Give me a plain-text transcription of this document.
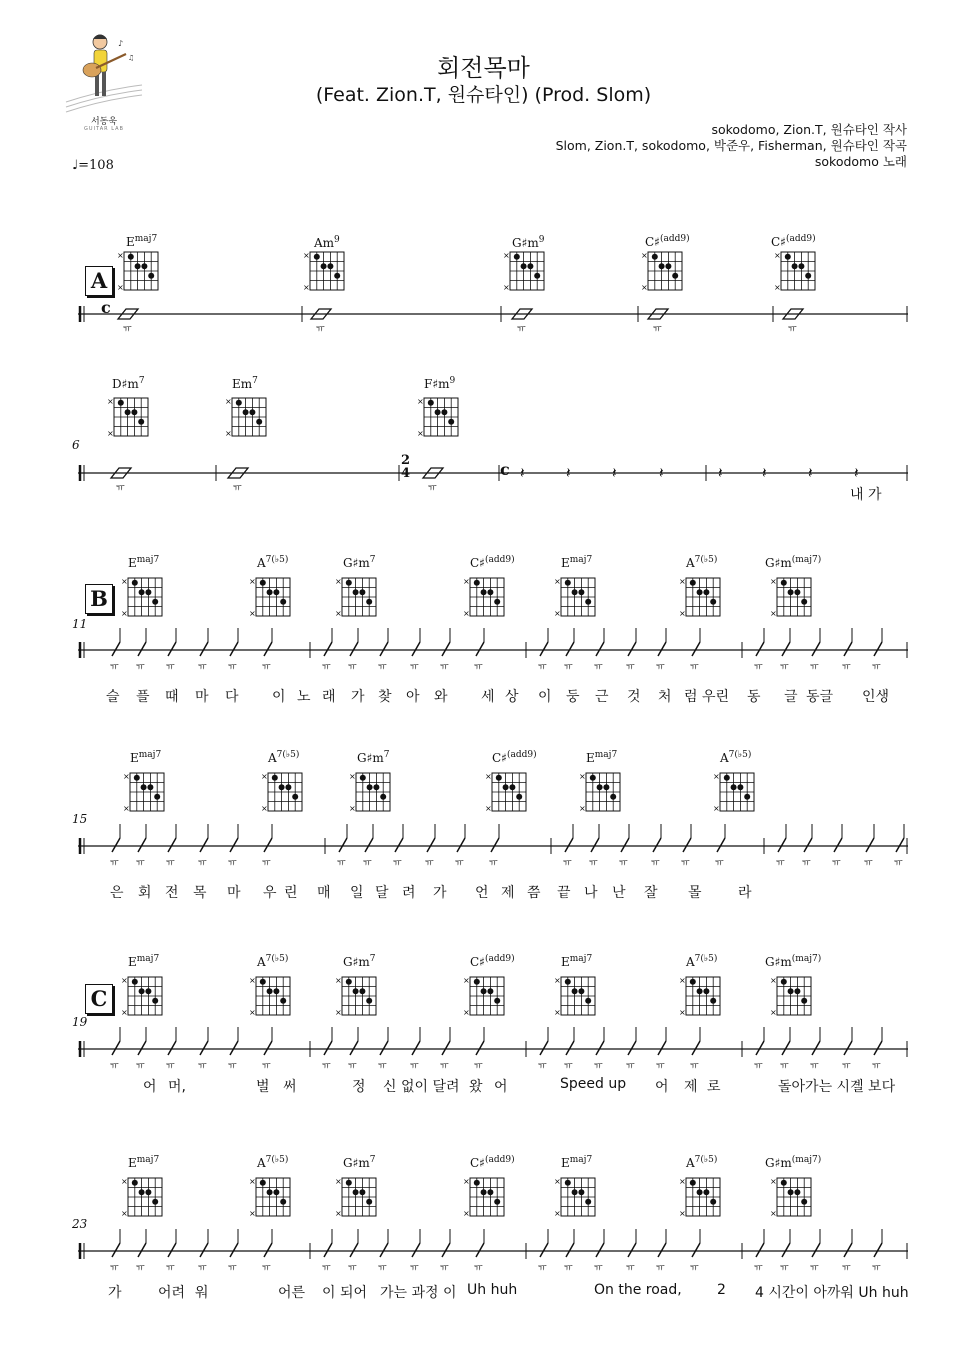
♪
♫
서동욱
GUITAR LAB
회전목마
(Feat. Zion.T, 원슈타인) (Prod. Slom)
sokodomo, Zion.T, 원슈타인 작사
Slom, Zion.T, sokodomo, 박준우, Fisherman, 원슈타인 작곡
sokodomo 노래
♩=108
A
6
B
11
15
C
19
23
$E^{maj7}$	Am$^9$	$G♯m^9$	C♯$^{(add9)}$	C♯$^{(add9)}$
$D♯m^7$	Em$^7$	$F♯m^9$
$E^{maj7}$	$A^{7(♭5)}$	$G♯m^7$	C♯$^{(add9)}$	$E^{maj7}$	$A^{7(♭5)}$	$G♯m^{(maj7)}$
$E^{maj7}$	$A^{7(♭5)}$	$G♯m^7$	C♯$^{(add9)}$	$E^{maj7}$	$A^{7(♭5)}$
$E^{maj7}$	$A^{7(♭5)}$	$G♯m^7$	C♯$^{(add9)}$	$E^{maj7}$	$A^{7(♭5)}$	$G♯m^{(maj7)}$
$E^{maj7}$	$A^{7(♭5)}$	$G♯m^7$	C♯$^{(add9)}$	$E^{maj7}$	$A^{7(♭5)}$	$G♯m^{(maj7)}$
c
2
4	c
내 가
슬 플 때 마 다 이 노 래 가 찾 아 와 세 상 이 둥 근 것 처 럼 우린 동 글 동글 인생
은 회 전 목 마 우 린 매 일 달 려 가 언 제 쯤 끝 나 난 잘 몰	라
어 머,	벌 써	정 신 없이 달려 왔 어	Speed up 어 제 로	돌아가는 시곌 보다
가	어려 워	어른 이 되어 가는 과정 이 Uh huh	On the road,	2 4 시간이 아까워 Uh huh
×
×
×
×
×
×
×
×
×
×
ㅠ	ㅠ	ㅠ	ㅠ	ㅠ
×
×
×
×
×
×
ㅠ	ㅠ	ㅠ
𝄽	𝄽	𝄽	𝄽	𝄽	𝄽	𝄽	𝄽
×
×
×
×
×
×
×
×
×
×
×
×
×
×
ㅠ ㅠ ㅠ	ㅠ ㅠ	ㅠ	ㅠ ㅠ ㅠ	ㅠ ㅠ	ㅠ	ㅠ ㅠ ㅠ	ㅠ ㅠ	ㅠ	ㅠ ㅠ ㅠ	ㅠ ㅠ
×
×
×
×
×
×
×
×
×
×
×
×
ㅠ ㅠ ㅠ	ㅠ ㅠ	ㅠ	ㅠ ㅠ ㅠ	ㅠ ㅠ	ㅠ	ㅠ ㅠ ㅠ	ㅠ ㅠ	ㅠ	ㅠ ㅠ ㅠ	ㅠ ㅠ
×
×
×
×
×
×
×
×
×
×
×
×
×
×
ㅠ ㅠ ㅠ	ㅠ ㅠ	ㅠ	ㅠ ㅠ ㅠ	ㅠ ㅠ	ㅠ	ㅠ ㅠ ㅠ	ㅠ ㅠ	ㅠ	ㅠ ㅠ ㅠ	ㅠ ㅠ
×
×
×
×
×
×
×
×
×
×
×
×
×
×
ㅠ ㅠ ㅠ	ㅠ ㅠ	ㅠ	ㅠ ㅠ ㅠ	ㅠ ㅠ	ㅠ	ㅠ ㅠ ㅠ	ㅠ ㅠ	ㅠ	ㅠ ㅠ ㅠ	ㅠ ㅠ
